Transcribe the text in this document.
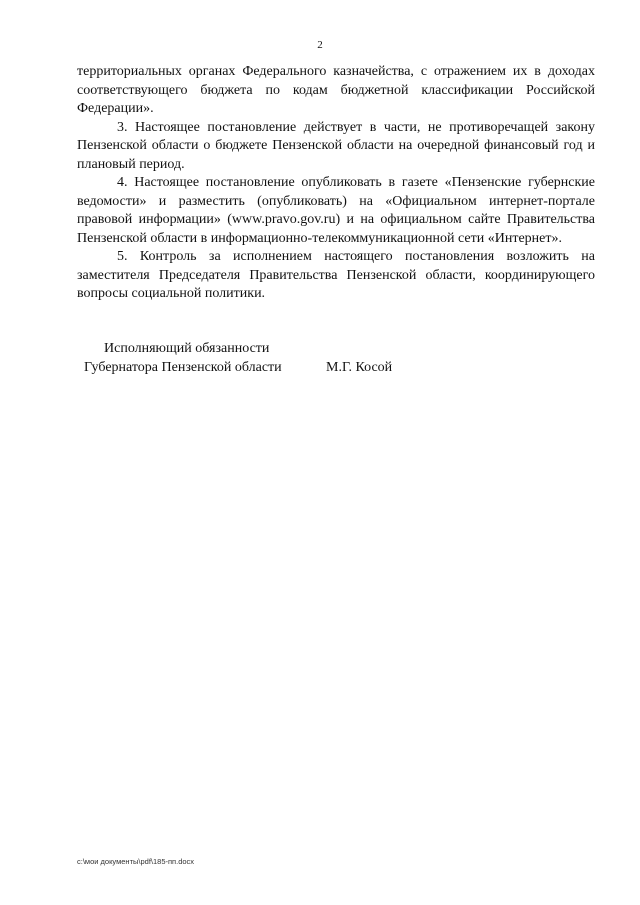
2

территориальных органах Федерального казначейства, с отражением их в доходах соответствующего бюджета по кодам бюджетной классификации Российской Федерации».

3. Настоящее постановление действует в части, не противоречащей закону Пензенской области о бюджете Пензенской области на очередной финансовый год и плановый период.

4. Настоящее постановление опубликовать в газете «Пензенские губернские ведомости» и разместить (опубликовать) на «Официальном интернет-портале правовой информации» (www.pravo.gov.ru) и на официальном сайте Правительства Пензенской области в информационно-телекоммуникационной сети «Интернет».

5. Контроль за исполнением настоящего постановления возложить на заместителя Председателя Правительства Пензенской области, координирующего вопросы социальной политики.

Исполняющий обязанности
Губернатора Пензенской области	М.Г. Косой
c:\мои документы\pdf\185-пп.docx
